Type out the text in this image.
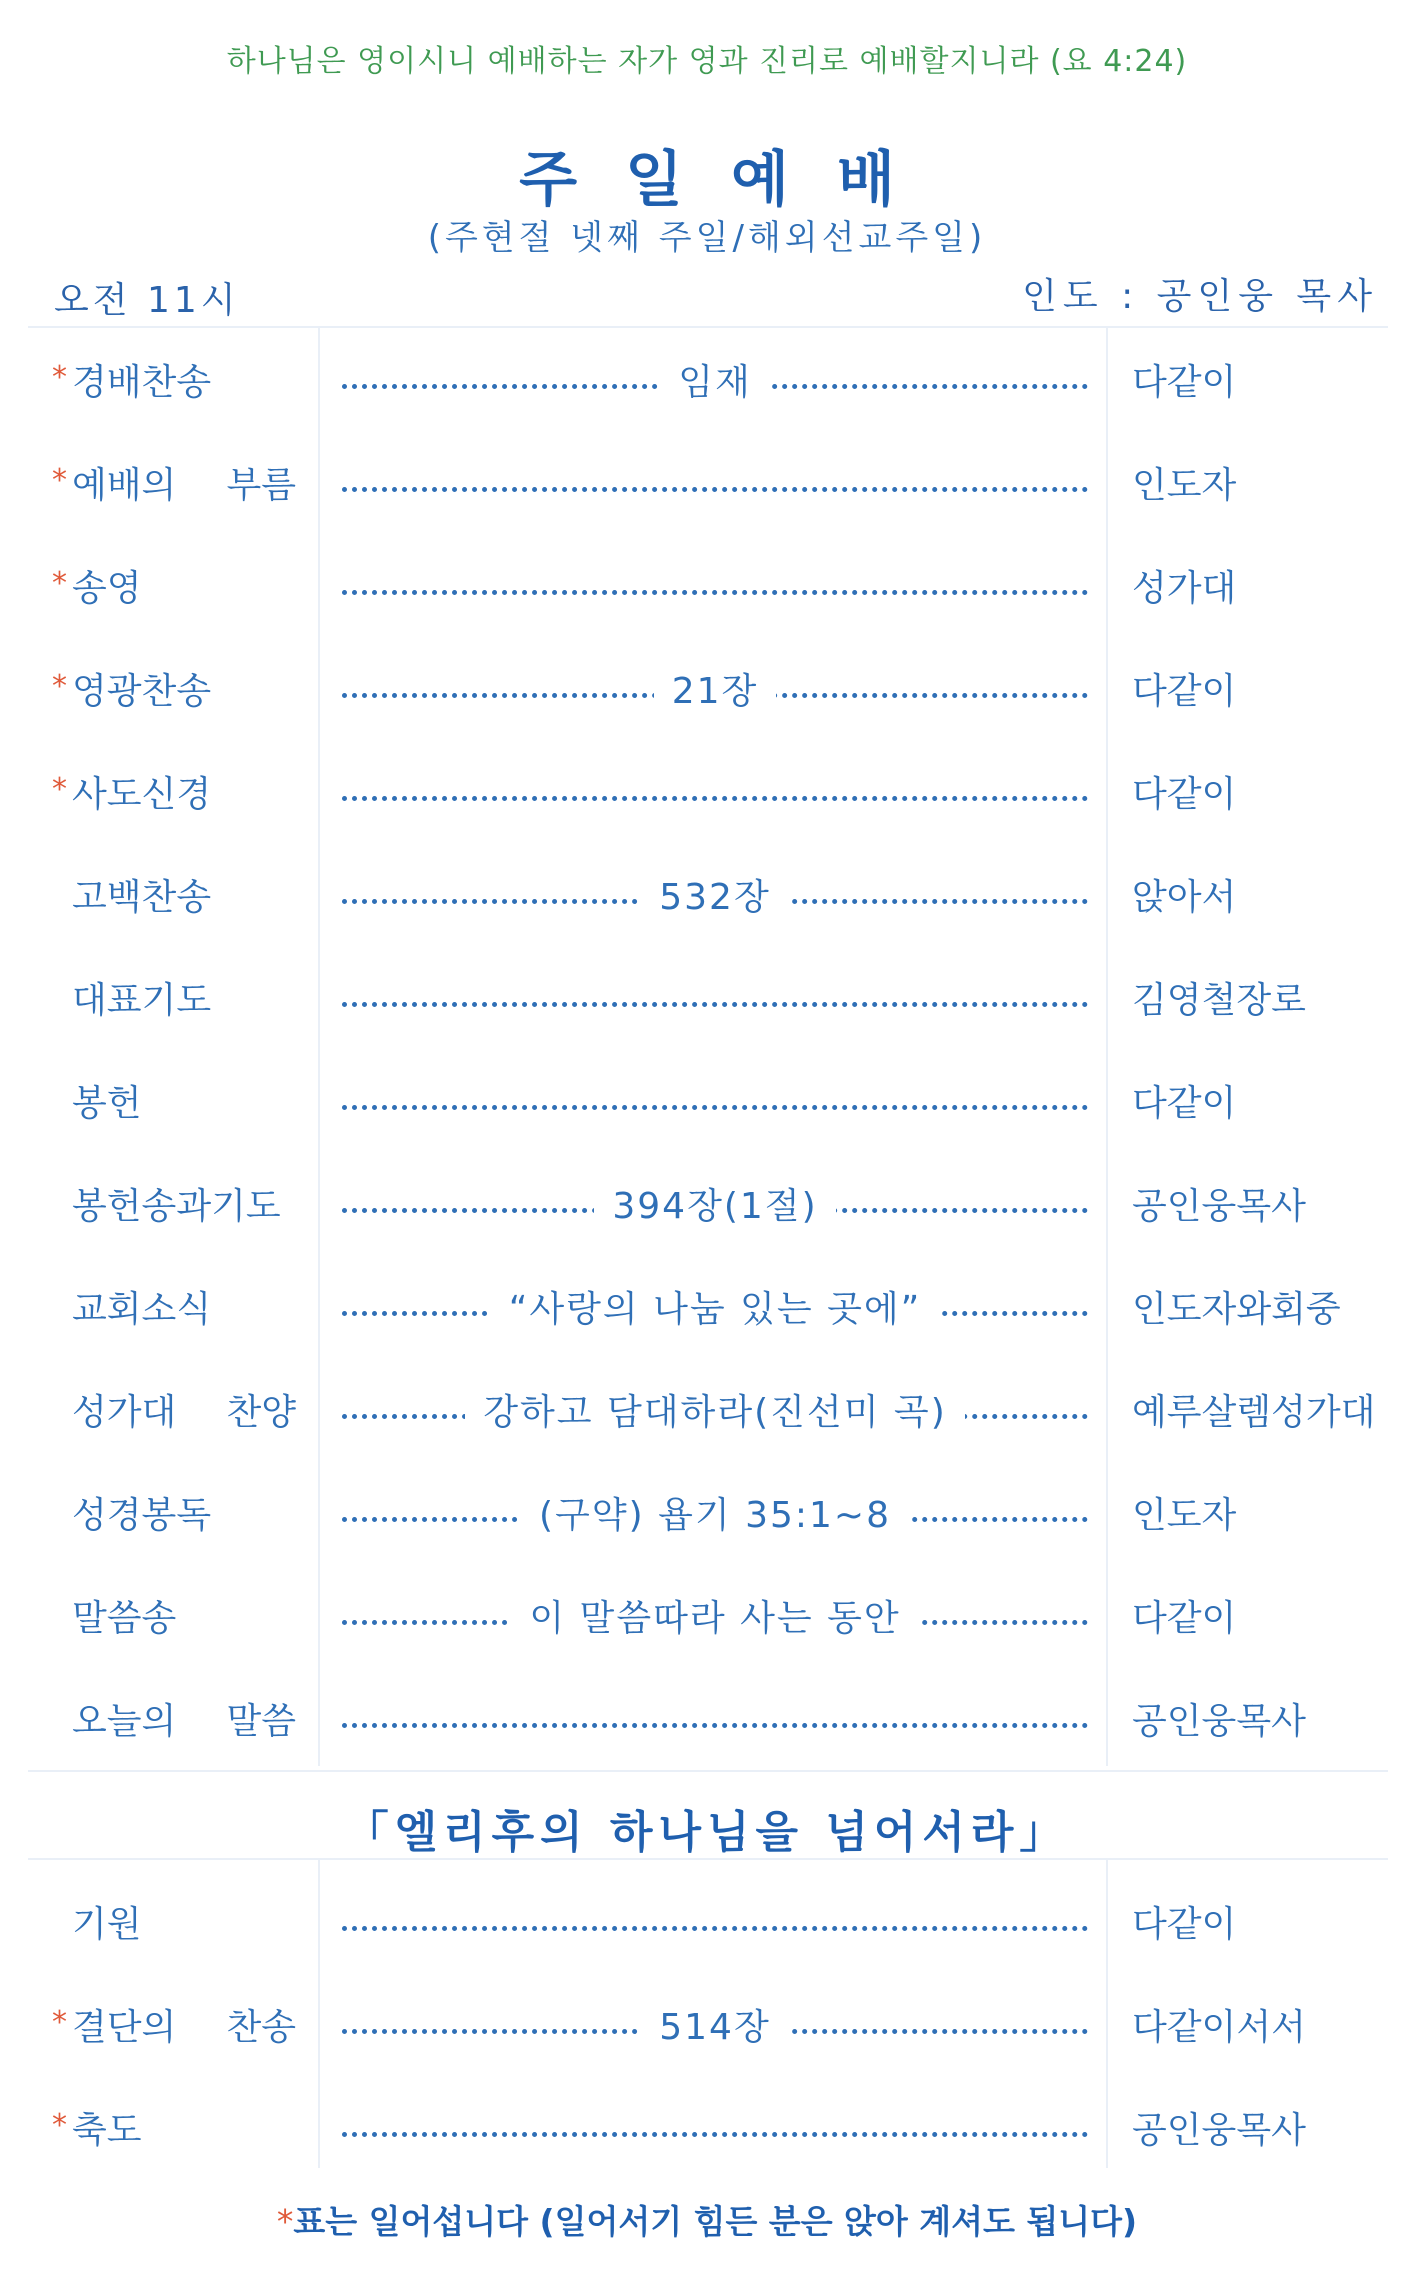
하나님은 영이시니 예배하는 자가 영과 진리로 예배할지니라 (요 4:24)
주일예배
(주현절 넷째 주일/해외선교주일)
오전 11시	인도 : 공인웅 목사
* 경배찬송	임재	다같이
* 예배의 부름	인도자
* 송영	성가대
* 영광찬송	21장	다같이
* 사도신경	다같이
고백찬송	532장	앉아서
대표기도	김영철장로
봉헌	다같이
봉헌송과기도	394장(1절)	공인웅목사
교회소식	“사랑의 나눔 있는 곳에”	인도자와회중
성가대 찬양	강하고 담대하라(진선미 곡)	예루살렘성가대
성경봉독	(구약) 욥기 35:1~8	인도자
말씀송	이 말씀따라 사는 동안	다같이
오늘의 말씀	공인웅목사
「엘리후의 하나님을 넘어서라」
기원	다같이
* 결단의 찬송	514장	다같이서서
* 축도	공인웅목사
*표는 일어섭니다 (일어서기 힘든 분은 앉아 계셔도 됩니다)
